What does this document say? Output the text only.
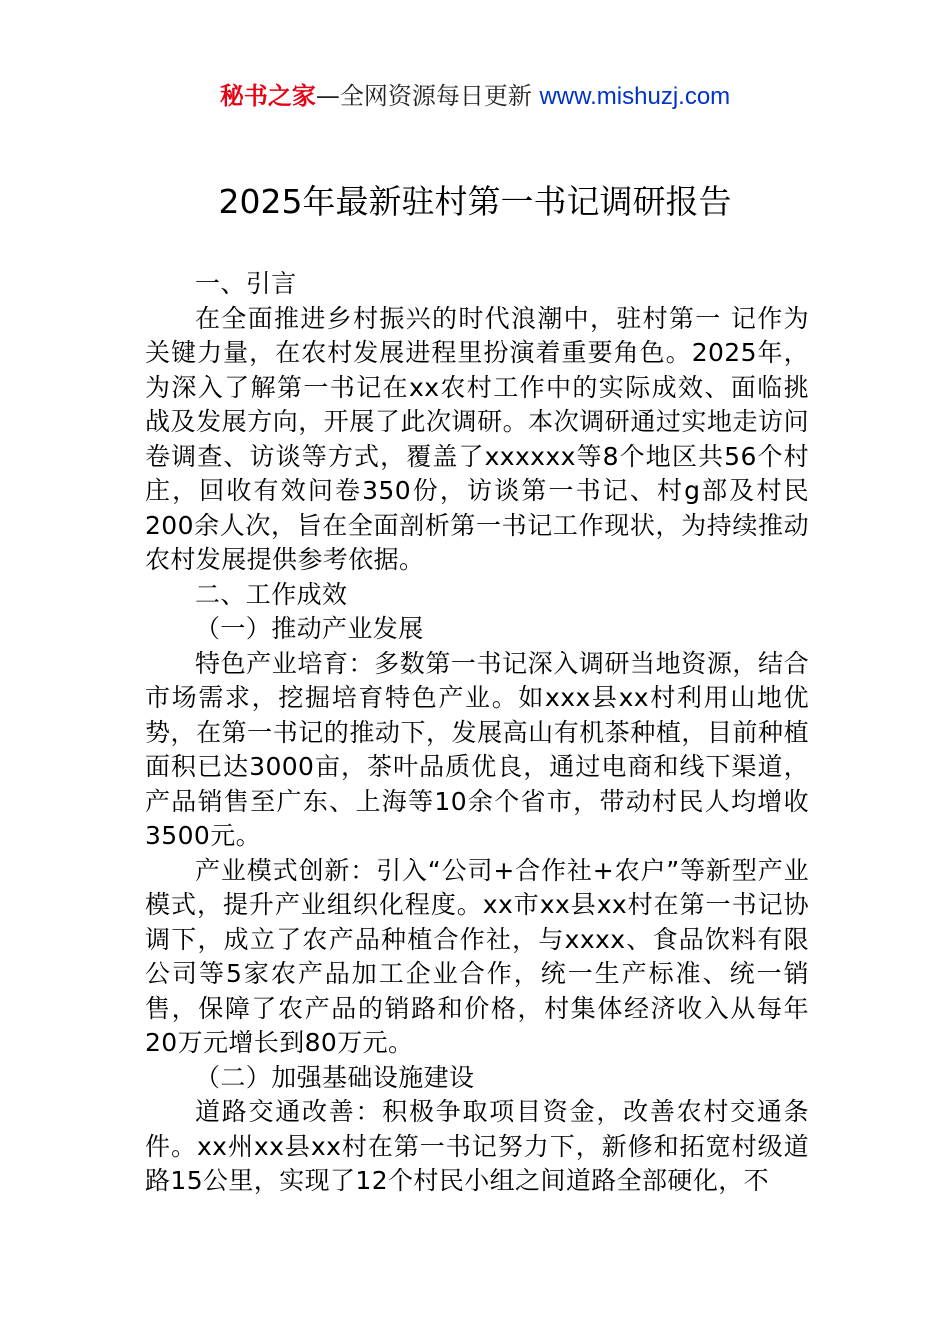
秘书之家—全网资源每日更新 www.mishuzj.com
2025年最新驻村第一书记调研报告

一、引言

在全面推进乡村振兴的时代浪潮中，驻村第一 记作为关键力量，在农村发展进程里扮演着重要角色。2025年，为深入了解第一书记在xx农村工作中的实际成效、面临挑战及发展方向，开展了此次调研。本次调研通过实地走访问卷调查、访谈等方式，覆盖了xxxxxx等8个地区共56个村庄，回收有效问卷350份，访谈第一书记、村g部及村民200余人次，旨在全面剖析第一书记工作现状，为持续推动农村发展提供参考依据。

二、工作成效

（一）推动产业发展

特色产业培育：多数第一书记深入调研当地资源，结合市场需求，挖掘培育特色产业。如xxx县xx村利用山地优势，在第一书记的推动下，发展高山有机茶种植，目前种植面积已达3000亩，茶叶品质优良，通过电商和线下渠道，产品销售至广东、上海等10余个省市，带动村民人均增收3500元。

产业模式创新：引入“公司+合作社+农户”等新型产业模式，提升产业组织化程度。xx市xx县xx村在第一书记协调下，成立了农产品种植合作社，与xxxx、食品饮料有限公司等5家农产品加工企业合作，统一生产标准、统一销售，保障了农产品的销路和价格，村集体经济收入从每年20万元增长到80万元。

（二）加强基础设施建设

道路交通改善：积极争取项目资金，改善农村交通条件。xx州xx县xx村在第一书记努力下，新修和拓宽村级道路15公里，实现了12个村民小组之间道路全部硬化，不
